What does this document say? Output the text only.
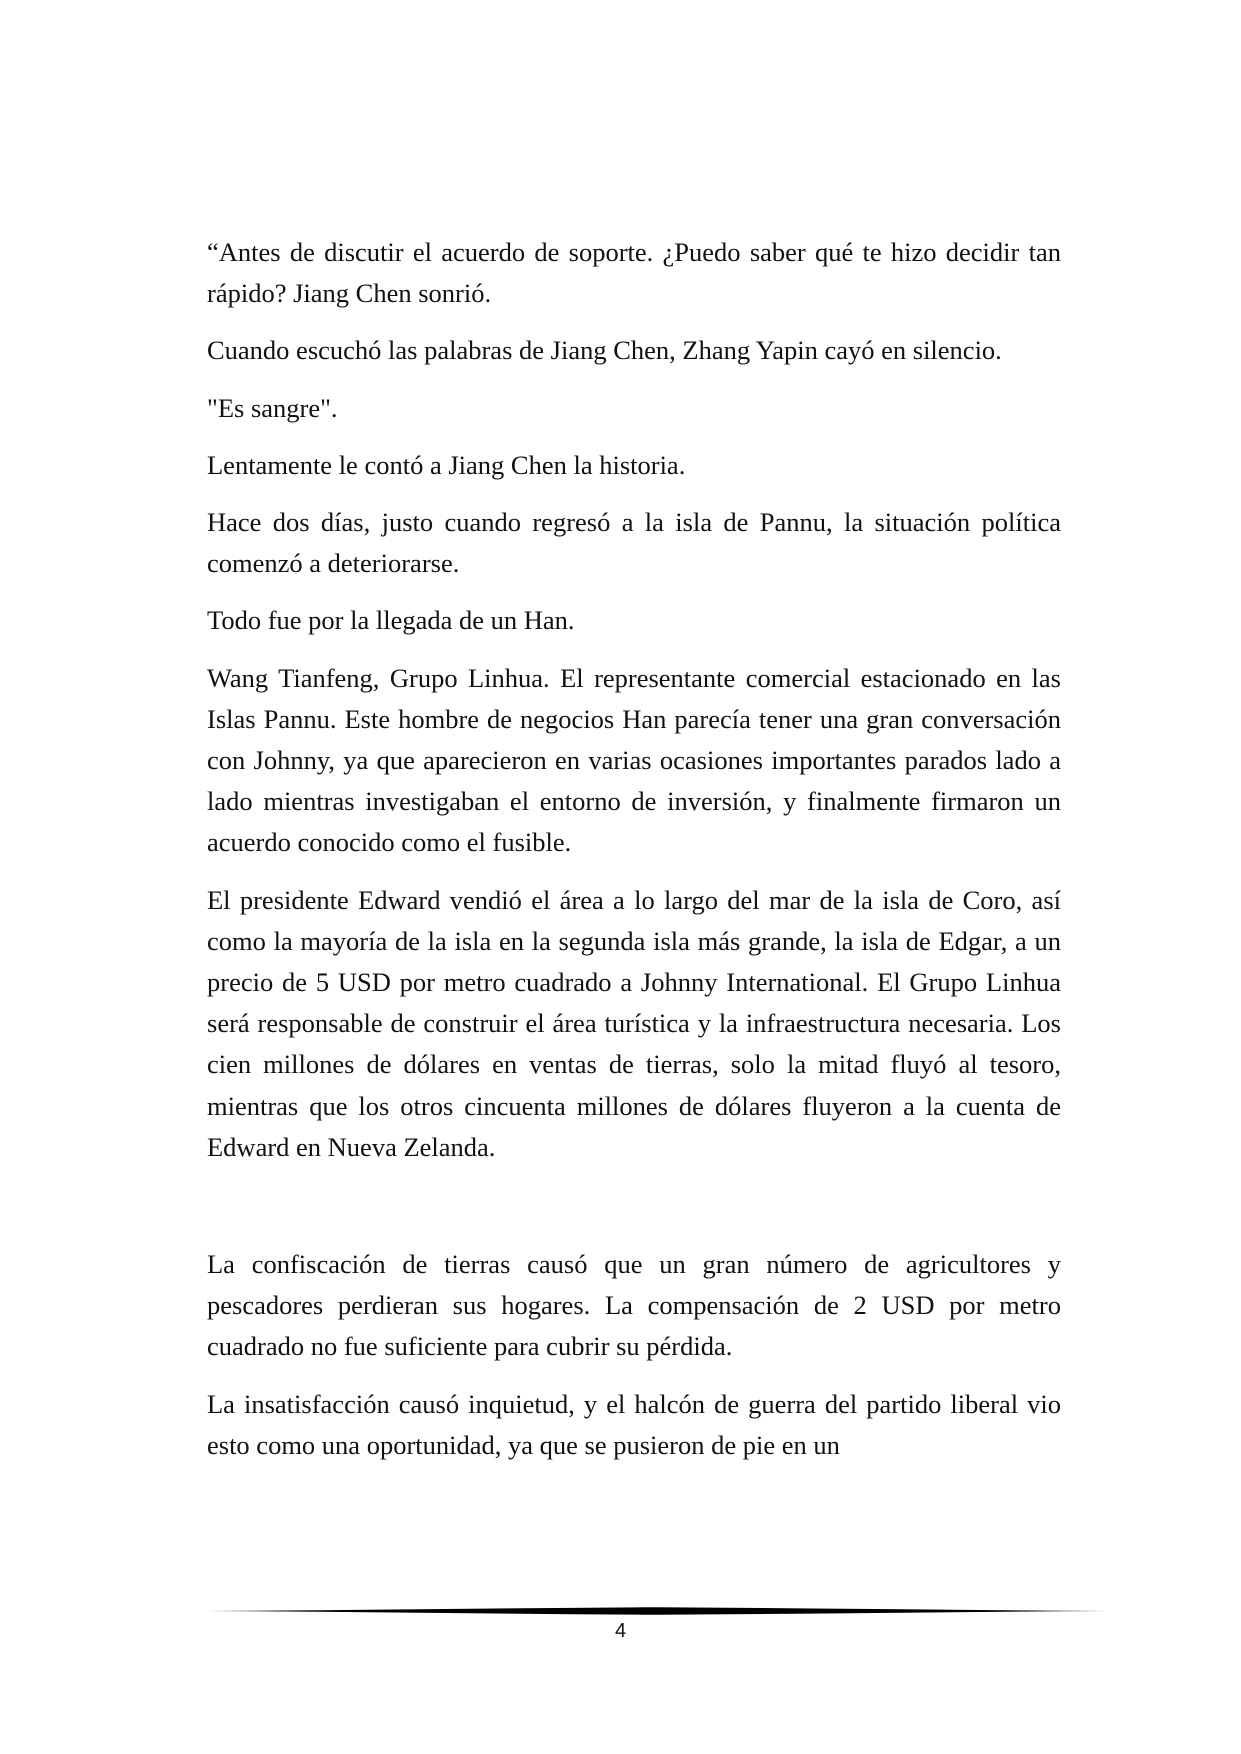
“Antes de discutir el acuerdo de soporte. ¿Puedo saber qué te hizo decidir tan rápido? Jiang Chen sonrió.

Cuando escuchó las palabras de Jiang Chen, Zhang Yapin cayó en silencio.

"Es sangre".

Lentamente le contó a Jiang Chen la historia.

Hace dos días, justo cuando regresó a la isla de Pannu, la situación política comenzó a deteriorarse.

Todo fue por la llegada de un Han.

Wang Tianfeng, Grupo Linhua. El representante comercial estacionado en las Islas Pannu. Este hombre de negocios Han parecía tener una gran conversación con Johnny, ya que aparecieron en varias ocasiones importantes parados lado a lado mientras investigaban el entorno de inversión, y finalmente firmaron un acuerdo conocido como el fusible.

El presidente Edward vendió el área a lo largo del mar de la isla de Coro, así como la mayoría de la isla en la segunda isla más grande, la isla de Edgar, a un precio de 5 USD por metro cuadrado a Johnny International. El Grupo Linhua será responsable de construir el área turística y la infraestructura necesaria. Los cien millones de dólares en ventas de tierras, solo la mitad fluyó al tesoro, mientras que los otros cincuenta millones de dólares fluyeron a la cuenta de Edward en Nueva Zelanda.

La confiscación de tierras causó que un gran número de agricultores y pescadores perdieran sus hogares. La compensación de 2 USD por metro cuadrado no fue suficiente para cubrir su pérdida.

La insatisfacción causó inquietud, y el halcón de guerra del partido liberal vio esto como una oportunidad, ya que se pusieron de pie en un

4
